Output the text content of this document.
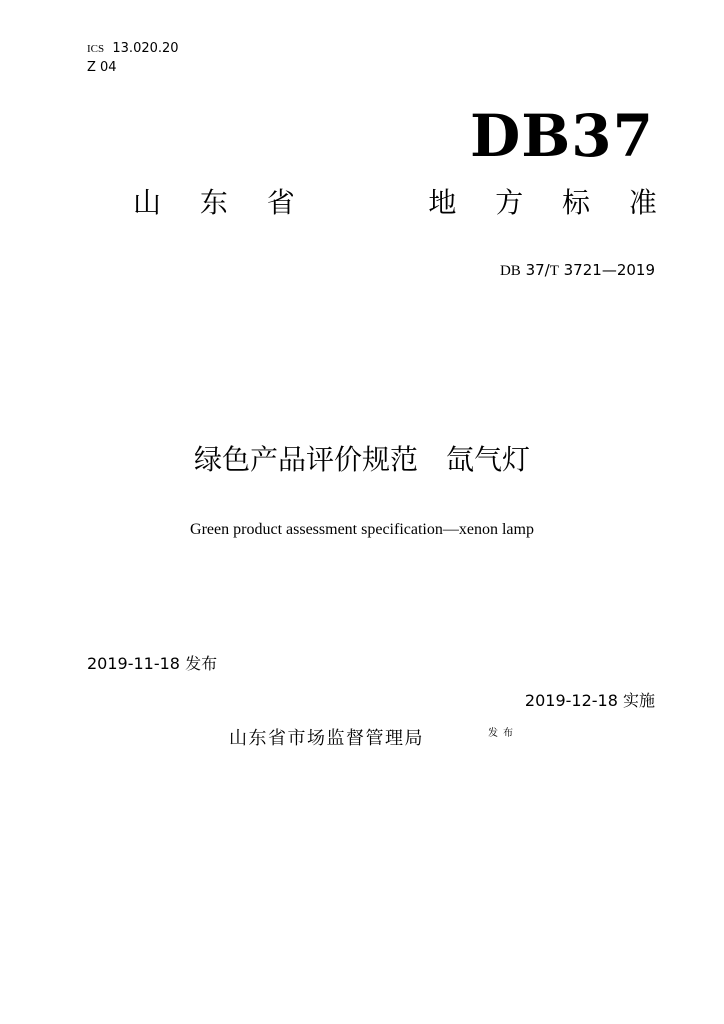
ICS 13.020.20
Z 04
DB37
山 东 省	地 方 标 准
DB 37/T 3721—2019
绿色产品评价规范　氙气灯
Green product assessment specification—xenon lamp
2019-11-18 发布
2019-12-18 实施
山东省市场监督管理局	发布
